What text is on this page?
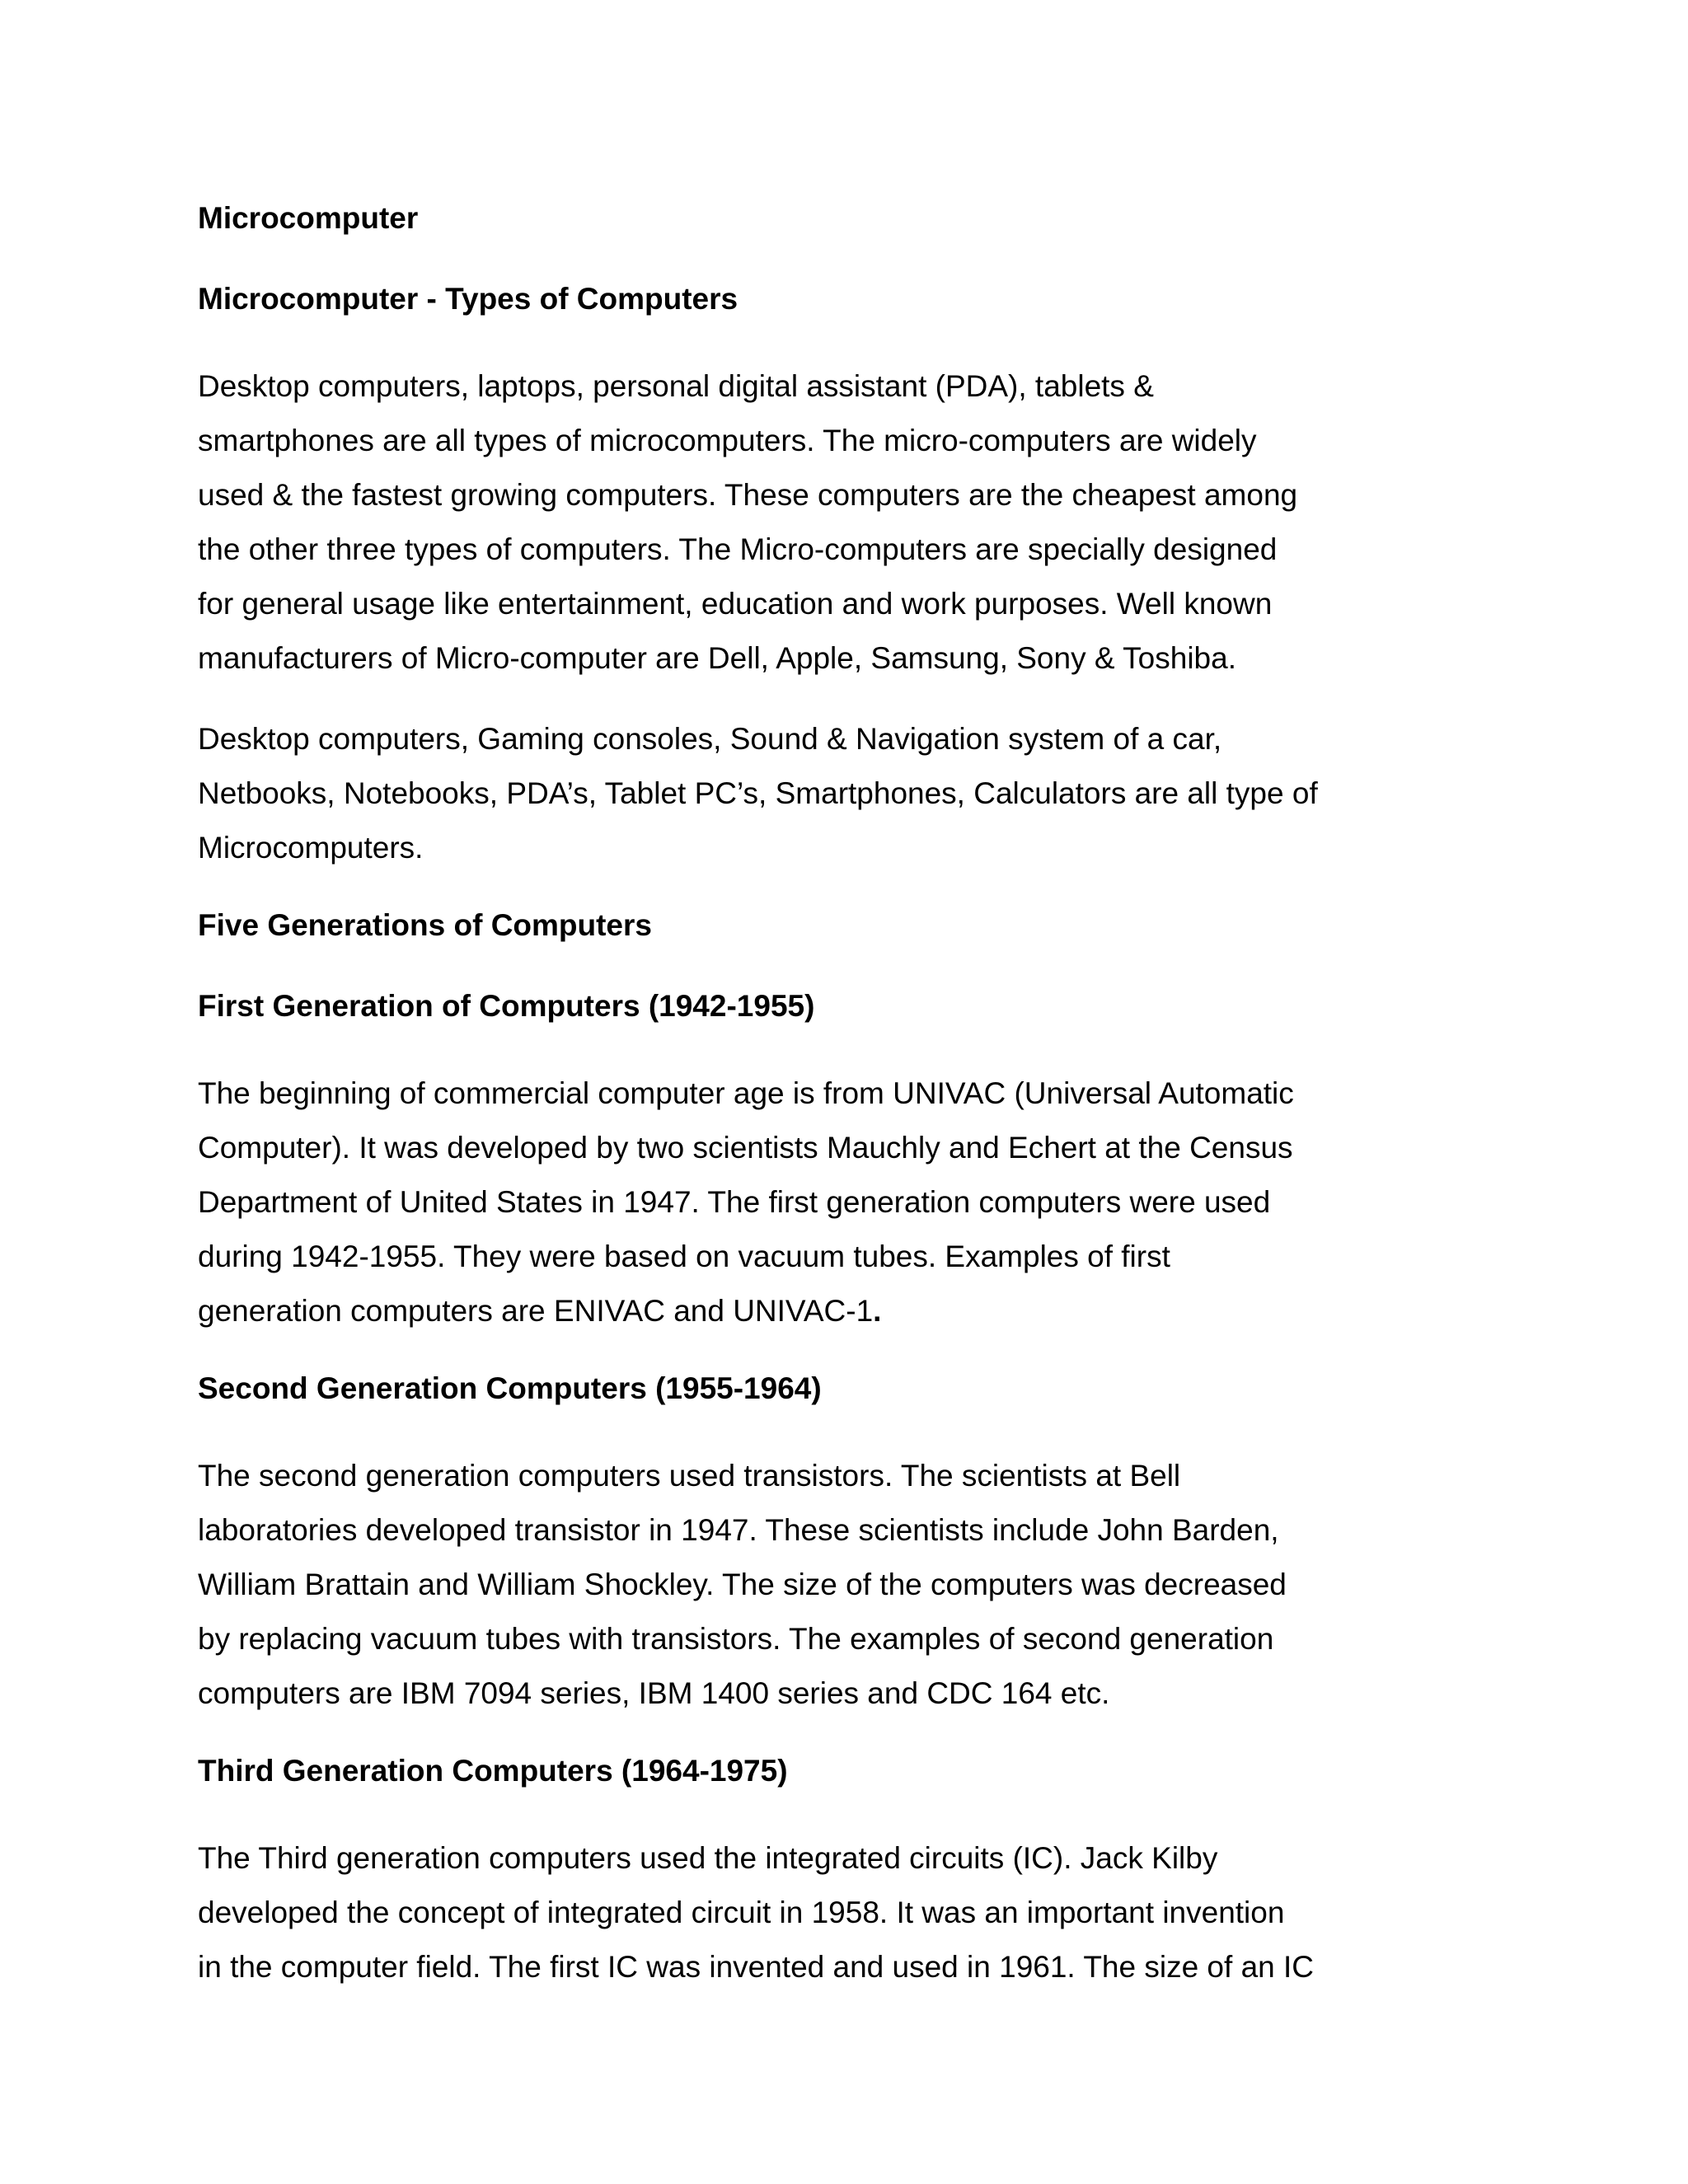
Microcomputer
Microcomputer - Types of Computers
Desktop computers, laptops, personal digital assistant (PDA), tablets &
smartphones are all types of microcomputers. The micro-computers are widely
used & the fastest growing computers. These computers are the cheapest among
the other three types of computers. The Micro-computers are specially designed
for general usage like entertainment, education and work purposes. Well known
manufacturers of Micro-computer are Dell, Apple, Samsung, Sony & Toshiba.
Desktop computers, Gaming consoles, Sound & Navigation system of a car,
Netbooks, Notebooks, PDA’s, Tablet PC’s, Smartphones, Calculators are all type of
Microcomputers.
Five Generations of Computers
First Generation of Computers (1942-1955)
The beginning of commercial computer age is from UNIVAC (Universal Automatic
Computer). It was developed by two scientists Mauchly and Echert at the Census
Department of United States in 1947. The first generation computers were used
during 1942-1955. They were based on vacuum tubes. Examples of first
generation computers are ENIVAC and UNIVAC-1.
Second Generation Computers (1955-1964)
The second generation computers used transistors. The scientists at Bell
laboratories developed transistor in 1947. These scientists include John Barden,
William Brattain and William Shockley. The size of the computers was decreased
by replacing vacuum tubes with transistors. The examples of second generation
computers are IBM 7094 series, IBM 1400 series and CDC 164 etc.
Third Generation Computers (1964-1975)
The Third generation computers used the integrated circuits (IC). Jack Kilby
developed the concept of integrated circuit in 1958. It was an important invention
in the computer field. The first IC was invented and used in 1961. The size of an IC
